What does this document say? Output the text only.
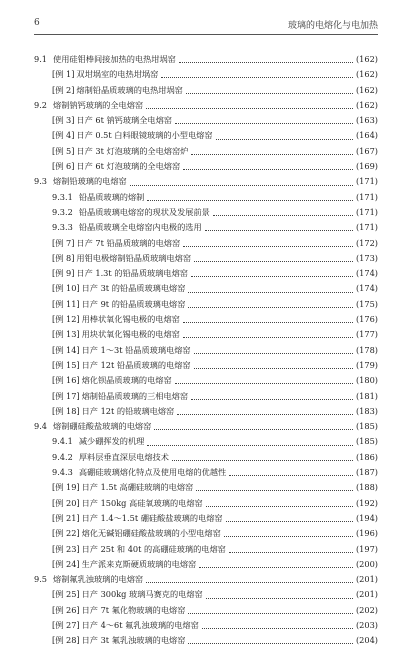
6	玻璃的电熔化与电加热
9.1 使用硅钼棒间接加热的电热坩埚窑	(162)
[例 1] 双坩埚室的电热坩埚窑	(162)
[例 2] 熔制铅晶质玻璃的电热坩埚窑	(162)
9.2 熔制钠钙玻璃的全电熔窑	(162)
[例 3] 日产 6t 钠钙玻璃全电熔窑	(163)
[例 4] 日产 0.5t 白料眼镜玻璃的小型电熔窑	(164)
[例 5] 日产 3t 灯泡玻璃的全电熔窑炉	(167)
[例 6] 日产 6t 灯泡玻璃的全电熔窑	(169)
9.3 熔制铅玻璃的电熔窑	(171)
9.3.1 铅晶质玻璃的熔制	(171)
9.3.2 铅晶质玻璃电熔窑的现状及发展前景	(171)
9.3.3 铅晶质玻璃全电熔窑内电极的选用	(171)
[例 7] 日产 7t 铅晶质玻璃的电熔窑	(172)
[例 8] 用钼电极熔制铅晶质玻璃电熔窑	(173)
[例 9] 日产 1.3t 的铅晶质玻璃电熔窑	(174)
[例 10] 日产 3t 的铅晶质玻璃电熔窑	(174)
[例 11] 日产 9t 的铅晶质玻璃电熔窑	(175)
[例 12] 用棒状氧化锡电极的电熔窑	(176)
[例 13] 用块状氧化锡电极的电熔窑	(177)
[例 14] 日产 1～3t 铅晶质玻璃电熔窑	(178)
[例 15] 日产 12t 铅晶质玻璃的电熔窑	(179)
[例 16] 熔化钡晶质玻璃的电熔窑	(180)
[例 17] 熔制铅晶质玻璃的三相电熔窑	(181)
[例 18] 日产 12t 的铅玻璃电熔窑	(183)
9.4 熔制硼硅酸盐玻璃的电熔窑	(185)
9.4.1 减少硼挥发的机理	(185)
9.4.2 厚料层垂直深层电熔技术	(186)
9.4.3 高硼硅玻璃熔化特点及使用电熔的优越性	(187)
[例 19] 日产 1.5t 高硼硅玻璃的电熔窑	(188)
[例 20] 日产 150kg 高硅氧玻璃的电熔窑	(192)
[例 21] 日产 1.4～1.5t 硼硅酸盐玻璃的电熔窑	(194)
[例 22] 熔化无碱铝硼硅酸盐玻璃的小型电熔窑	(196)
[例 23] 日产 25t 和 40t 的高硼硅玻璃的电熔窑	(197)
[例 24] 生产派来克斯硬质玻璃的电熔窑	(200)
9.5 熔制氟乳浊玻璃的电熔窑	(201)
[例 25] 日产 300kg 玻璃马赛克的电熔窑	(201)
[例 26] 日产 7t 氟化物玻璃的电熔窑	(202)
[例 27] 日产 4～6t 氟乳浊玻璃的电熔窑	(203)
[例 28] 日产 3t 氟乳浊玻璃的电熔窑	(204)
